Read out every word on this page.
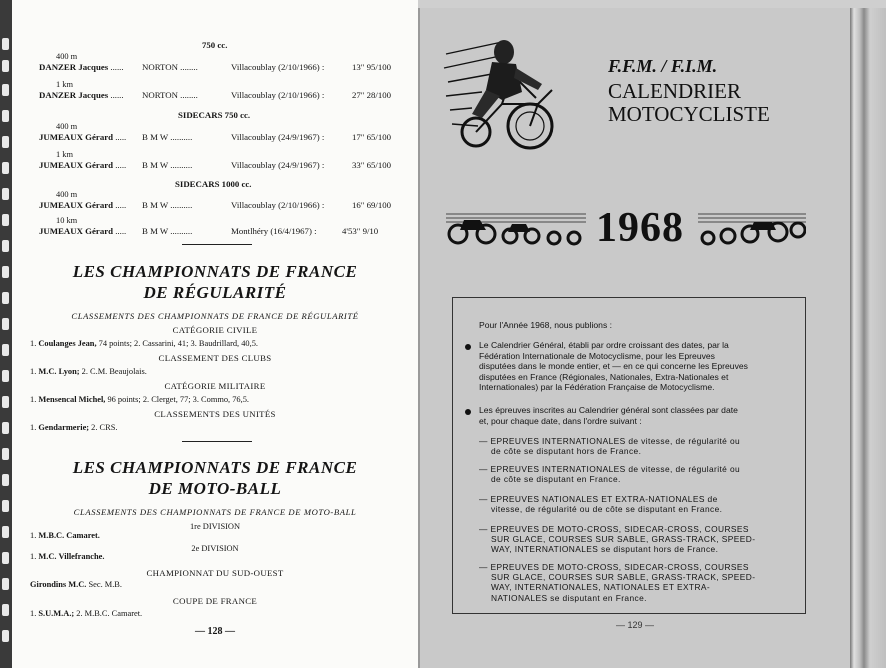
750 cc.
400 m
DANZER Jacques ...... NORTON ........	Villacoublay (2/10/1966) :	13" 95/100
1 km
DANZER Jacques ...... NORTON ........	Villacoublay (2/10/1966) :	27" 28/100
SIDECARS 750 cc.
400 m
JUMEAUX Gérard ..... B M W ..........	Villacoublay (24/9/1967) :	17" 65/100
1 km
JUMEAUX Gérard ..... B M W ..........	Villacoublay (24/9/1967) :	33" 65/100
SIDECARS 1000 cc.
400 m
JUMEAUX Gérard ..... B M W ..........	Villacoublay (2/10/1966) :	16" 69/100
10 km
JUMEAUX Gérard ..... B M W ..........	Montlhéry (16/4/1967) :	4'53" 9/10
LES CHAMPIONNATS DE FRANCE
DE RÉGULARITÉ
CLASSEMENTS DES CHAMPIONNATS DE FRANCE DE RÉGULARITÉ
CATÉGORIE CIVILE
1. Coulanges Jean, 74 points; 2. Cassarini, 41; 3. Baudrillard, 40,5.
CLASSEMENT DES CLUBS
1. M.C. Lyon; 2. C.M. Beaujolais.
CATÉGORIE MILITAIRE
1. Mensencal Michel, 96 points; 2. Clerget, 77; 3. Commo, 76,5.
CLASSEMENTS DES UNITÉS
1. Gendarmerie; 2. CRS.
LES CHAMPIONNATS DE FRANCE
DE MOTO-BALL
CLASSEMENTS DES CHAMPIONNATS DE FRANCE DE MOTO-BALL
1re DIVISION
1. M.B.C. Camaret.
2e DIVISION
1. M.C. Villefranche.
CHAMPIONNAT DU SUD-OUEST
Girondins M.C. Sec. M.B.
COUPE DE FRANCE
1. S.U.M.A.; 2. M.B.C. Camaret.
— 128 —
F.F.M. / F.I.M.
CALENDRIER
MOTOCYCLISTE
1968
Pour l'Année 1968, nous publions :
Le Calendrier Général, établi par ordre croissant des dates, par la
Fédération Internationale de Motocyclisme, pour les Epreuves
disputées dans le monde entier, et — en ce qui concerne les Epreuves
disputées en France (Régionales, Nationales, Extra-Nationales et
Internationales) par la Fédération Française de Motocyclisme.
Les épreuves inscrites au Calendrier général sont classées par date
et, pour chaque date, dans l'ordre suivant :
— EPREUVES INTERNATIONALES de vitesse, de régularité ou
de côte se disputant hors de France.
— EPREUVES INTERNATIONALES de vitesse, de régularité ou
de côte se disputant en France.
— EPREUVES NATIONALES ET EXTRA-NATIONALES de
vitesse, de régularité ou de côte se disputant en France.
— EPREUVES DE MOTO-CROSS, SIDECAR-CROSS, COURSES
SUR GLACE, COURSES SUR SABLE, GRASS-TRACK, SPEED-
WAY, INTERNATIONALES se disputant hors de France.
— EPREUVES DE MOTO-CROSS, SIDECAR-CROSS, COURSES
SUR GLACE, COURSES SUR SABLE, GRASS-TRACK, SPEED-
WAY, INTERNATIONALES, NATIONALES ET EXTRA-
NATIONALES se disputant en France.
— 129 —
